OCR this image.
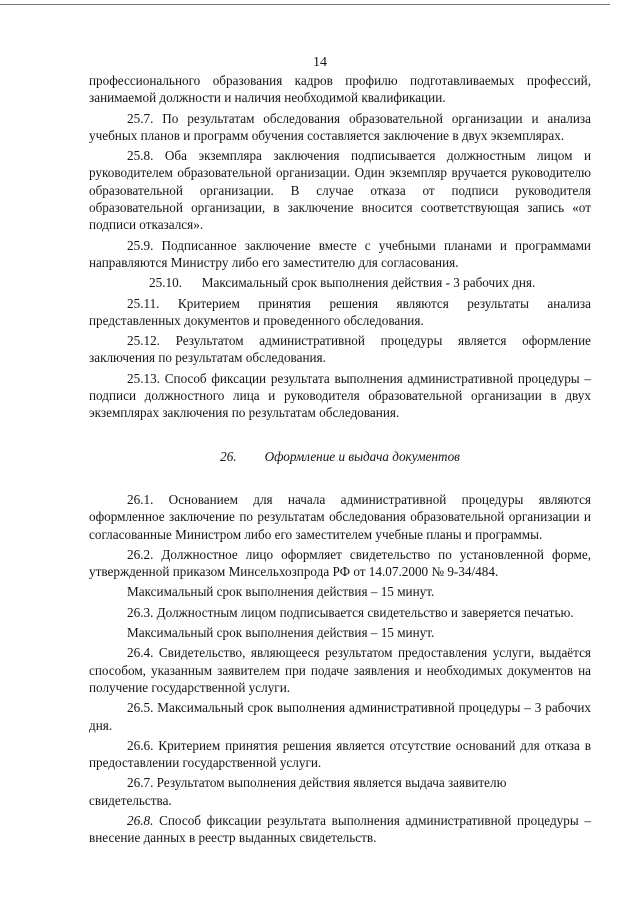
14

профессионального образования кадров профилю подготавливаемых профессий, занимаемой должности и наличия необходимой квалификации.

25.7. По результатам обследования образовательной организации и анализа учебных планов и программ обучения составляется заключение в двух экземплярах.

25.8. Оба экземпляра заключения подписывается должностным лицом и руководителем образовательной организации. Один экземпляр вручается руководителю образовательной организации. В случае отказа от подписи руководителя образовательной организации, в заключение вносится соответствующая запись «от подписи отказался».

25.9. Подписанное заключение вместе с учебными планами и программами направляются Министру либо его заместителю для согласования.

25.10.      Максимальный срок выполнения действия - 3 рабочих дня.

25.11. Критерием принятия решения являются результаты анализа представленных документов и проведенного обследования.

25.12. Результатом административной процедуры является оформление заключения по результатам обследования.

25.13. Способ фиксации результата выполнения административной процедуры – подписи должностного лица и руководителя образовательной организации в двух экземплярах заключения по результатам обследования.

26. Оформление и выдача документов

26.1. Основанием для начала административной процедуры являются оформленное заключение по результатам обследования образовательной организации и согласованные Министром либо его заместителем учебные планы и программы.

26.2. Должностное лицо оформляет свидетельство по установленной форме, утвержденной приказом Минсельхозпрода РФ от 14.07.2000 № 9-34/484.

Максимальный срок выполнения действия – 15 минут.

26.3. Должностным лицом подписывается свидетельство и заверяется печатью.

Максимальный срок выполнения действия – 15 минут.

26.4. Свидетельство, являющееся результатом предоставления услуги, выдаётся способом, указанным заявителем при подаче заявления и необходимых документов на получение государственной услуги.

26.5. Максимальный срок выполнения административной процедуры – 3 рабочих дня.

26.6. Критерием принятия решения является отсутствие оснований для отказа в предоставлении государственной услуги.

26.7. Результатом выполнения действия является выдача заявителю свидетельства.

26.8. Способ фиксации результата выполнения административной процедуры – внесение данных в реестр выданных свидетельств.
